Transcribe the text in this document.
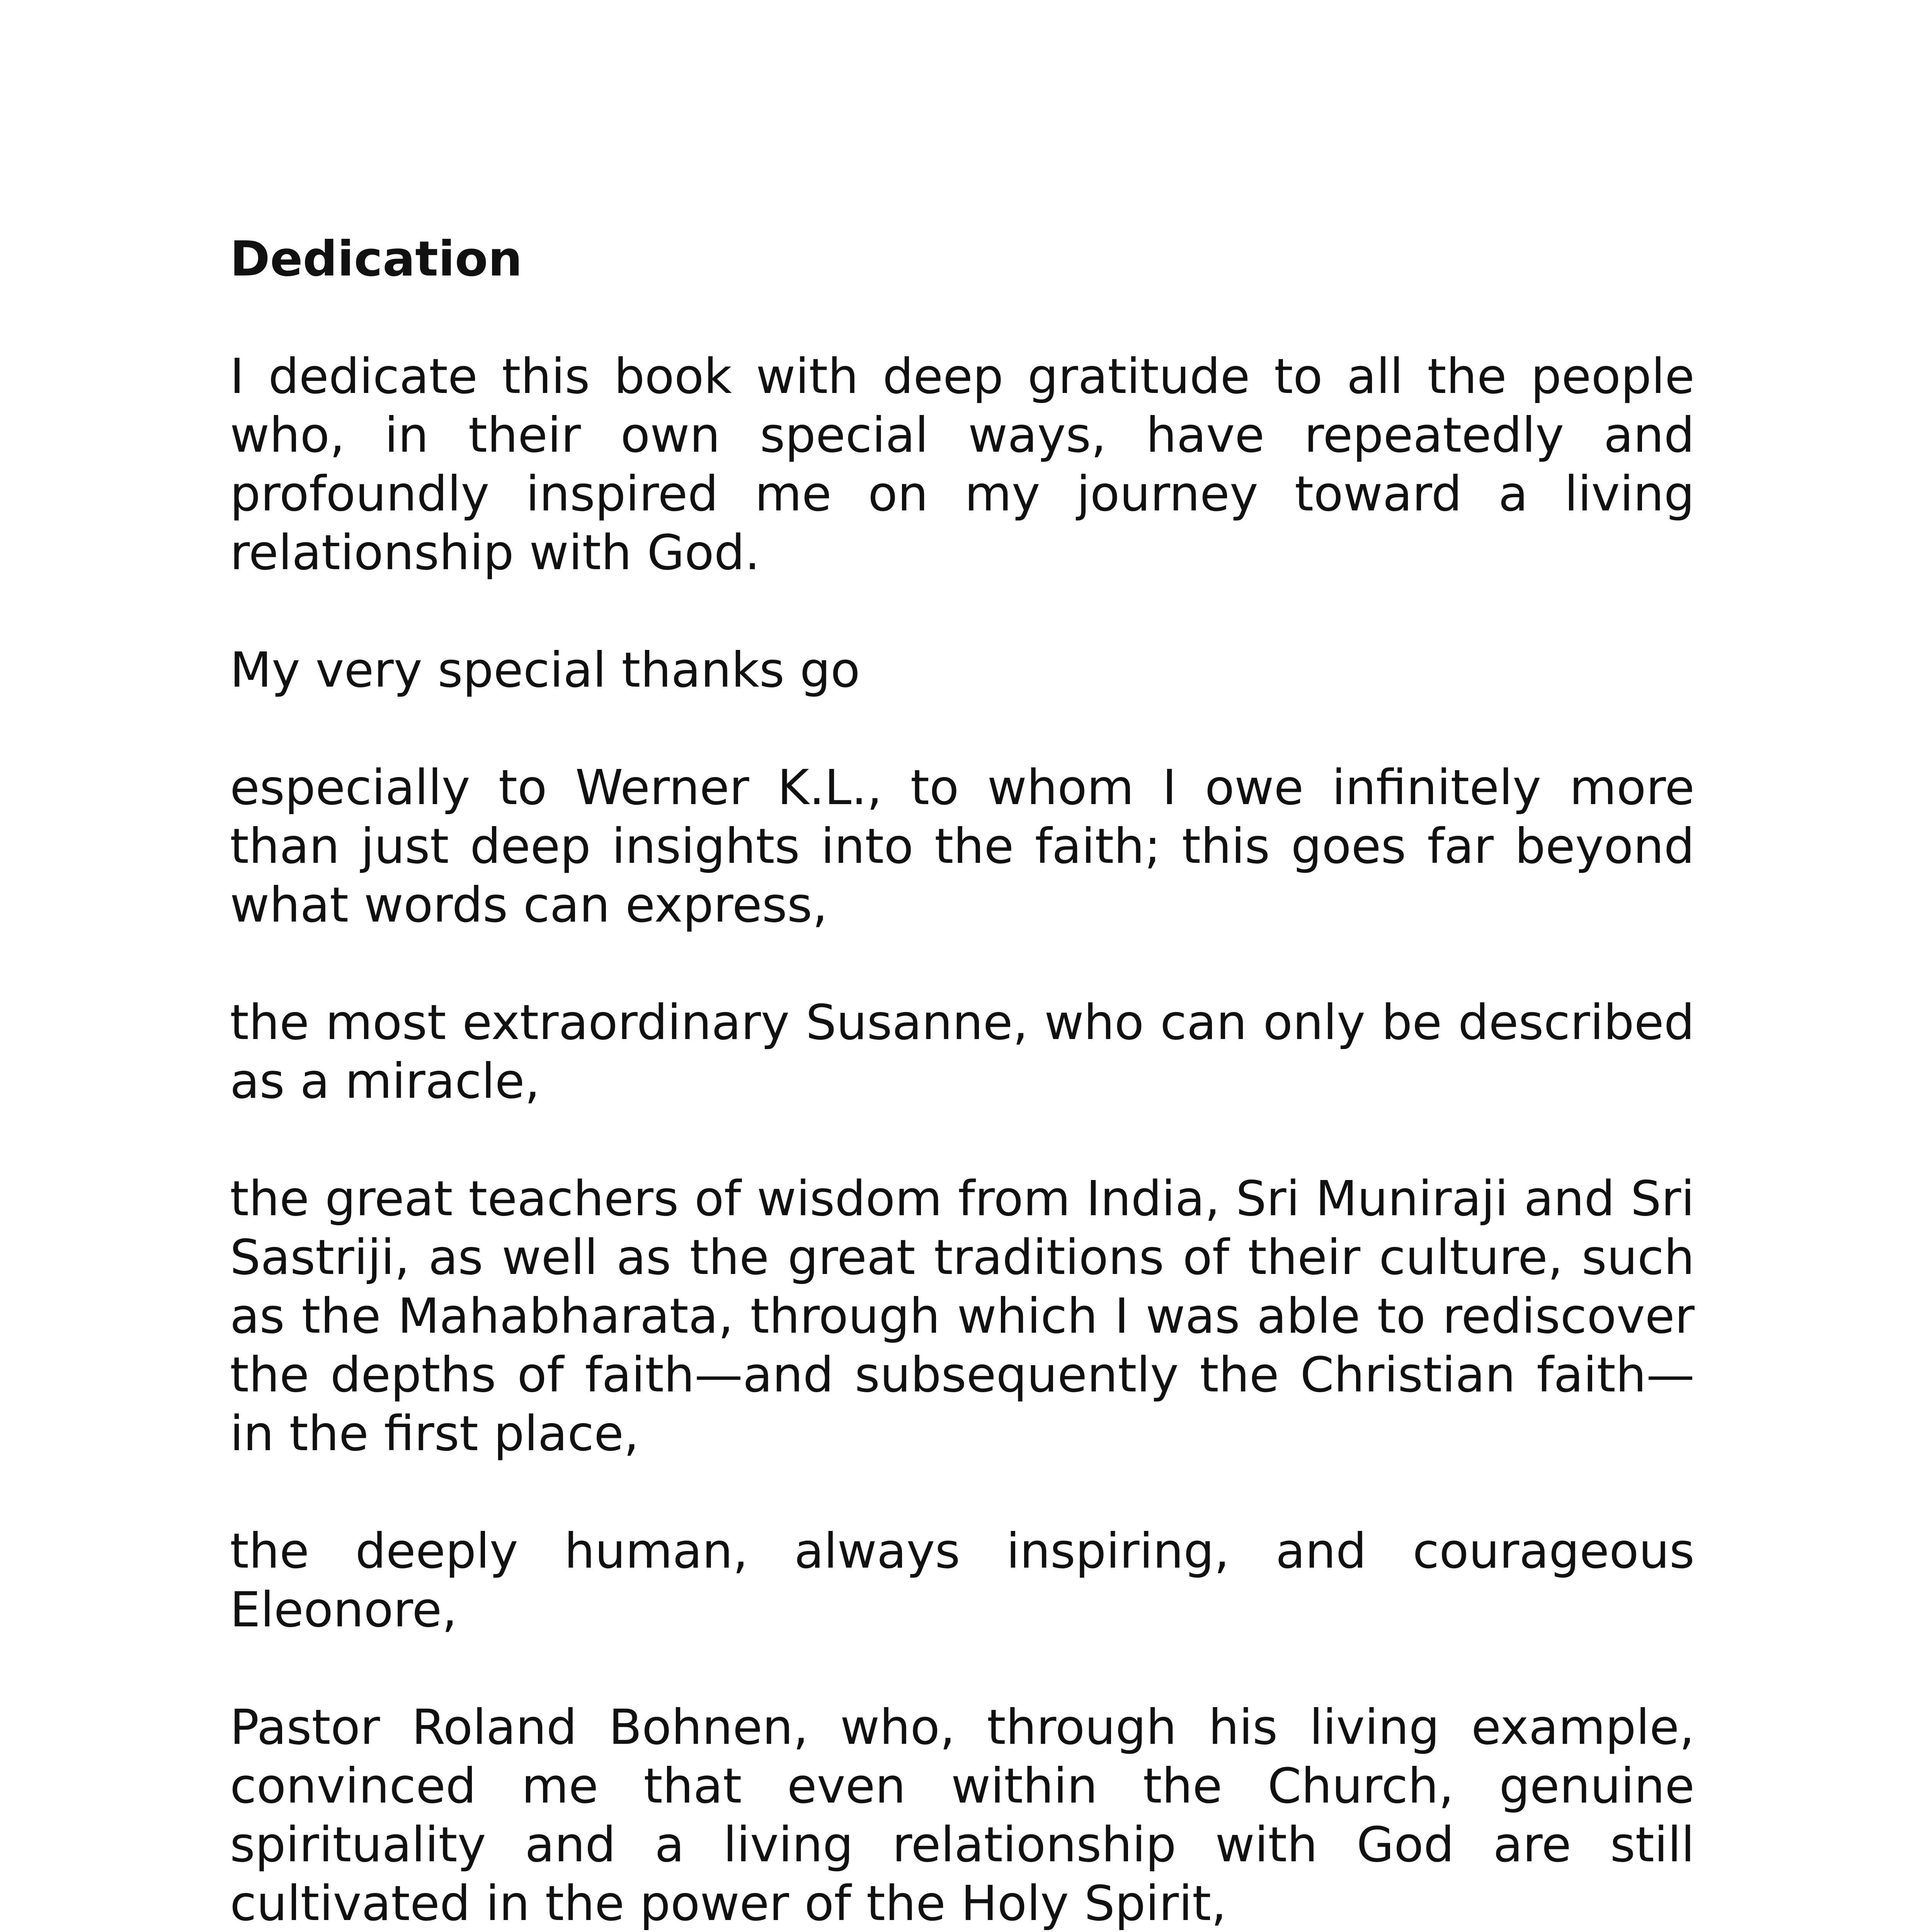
Dedication

I dedicate this book with deep gratitude to all the people who, in their own special ways, have repeatedly and profoundly inspired me on my journey toward a living relationship with God.

My very special thanks go

especially to Werner K.L., to whom I owe infinitely more than just deep insights into the faith; this goes far beyond what words can express,

the most extraordinary Susanne, who can only be described as a miracle,

the great teachers of wisdom from India, Sri Muniraji and Sri Sastriji, as well as the great traditions of their culture, such as the Mahabharata, through which I was able to rediscover the depths of faith—and subsequently the Christian faith—in the first place,

the deeply human, always inspiring, and courageous Eleonore,

Pastor Roland Bohnen, who, through his living example, convinced me that even within the Church, genuine spirituality and a living relationship with God are still cultivated in the power of the Holy Spirit,
